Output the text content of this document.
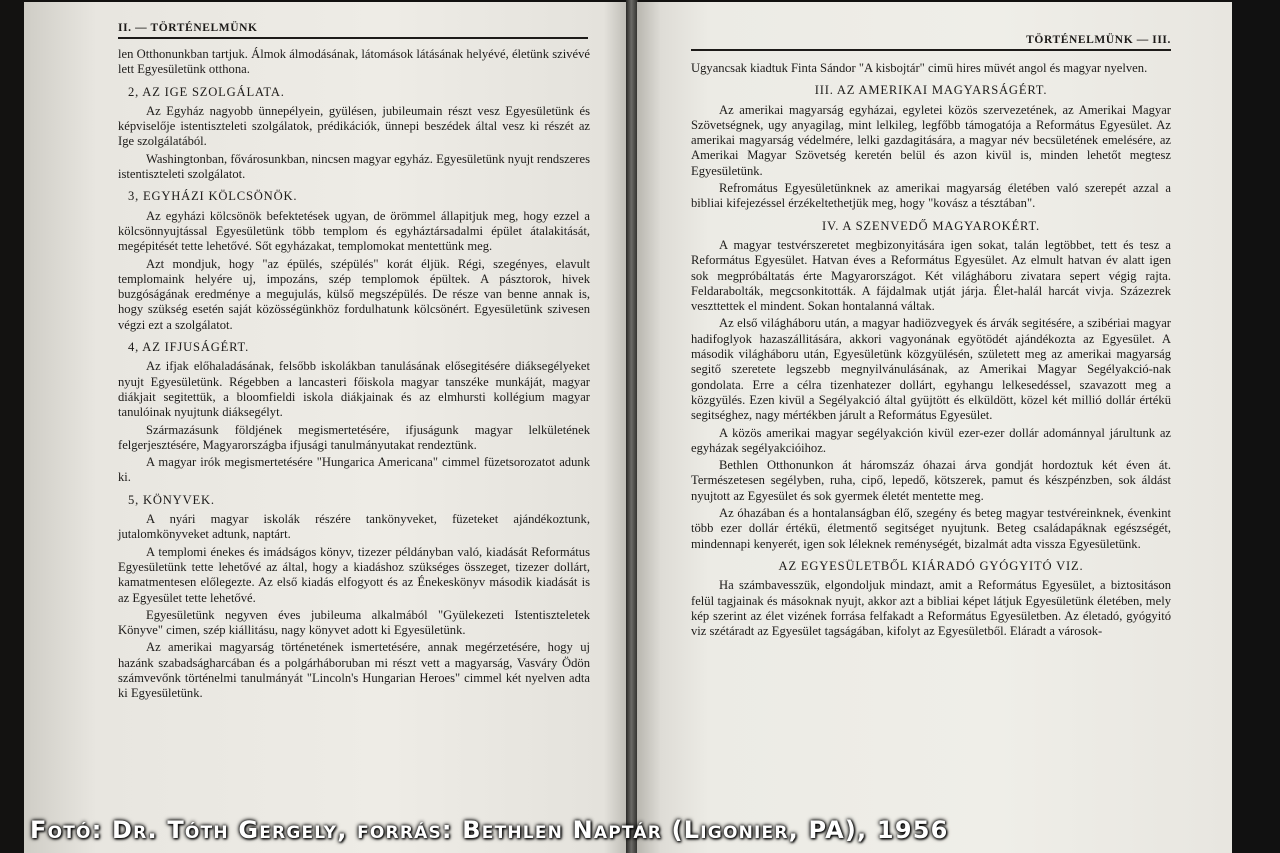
II. — TÖRTÉNELMÜNK

len Otthonunkban tartjuk. Álmok álmodásának, látomások látásának helyévé, életünk szivévé lett Egyesületünk otthona.

2, AZ IGE SZOLGÁLATA.

Az Egyház nagyobb ünnepélyein, gyülésen, jubileumain részt vesz Egyesületünk és képviselője istentiszteleti szolgálatok, prédikációk, ünnepi beszédek által vesz ki részét az Ige szolgálatából.

Washingtonban, fővárosunkban, nincsen magyar egyház. Egyesületünk nyujt rendszeres istentiszteleti szolgálatot.

3, EGYHÁZI KÖLCSÖNÖK.

Az egyházi kölcsönök befektetések ugyan, de örömmel állapitjuk meg, hogy ezzel a kölcsönnyujtással Egyesületünk több templom és egyháztársadalmi épület átalakitását, megépitését tette lehetővé. Sőt egyházakat, templomokat mentettünk meg.

Azt mondjuk, hogy "az épülés, szépülés" korát éljük. Régi, szegényes, elavult templomaink helyére uj, impozáns, szép templomok épültek. A pásztorok, hivek buzgóságának eredménye a megujulás, külső megszépülés. De része van benne annak is, hogy szükség esetén saját közösségünkhöz fordulhatunk kölcsönért. Egyesületünk szivesen végzi ezt a szolgálatot.

4, AZ IFJUSÁGÉRT.

Az ifjak előhaladásának, felsőbb iskolákban tanulásának elősegitésére diáksegélyeket nyujt Egyesületünk. Régebben a lancasteri főiskola magyar tanszéke munkáját, magyar diákjait segitettük, a bloomfieldi iskola diákjainak és az elmhursti kollégium magyar tanulóinak nyujtunk diáksegélyt.

Származásunk földjének megismertetésére, ifjuságunk magyar lelkületének felgerjesztésére, Magyarországba ifjusági tanulmányutakat rendeztünk.

A magyar irók megismertetésére "Hungarica Americana" cimmel füzetsorozatot adunk ki.

5, KÖNYVEK.

A nyári magyar iskolák részére tankönyveket, füzeteket ajándékoztunk, jutalomkönyveket adtunk, naptárt.

A templomi énekes és imádságos könyv, tizezer példányban való, kiadását Református Egyesületünk tette lehetővé az által, hogy a kiadáshoz szükséges összeget, tizezer dollárt, kamatmentesen előlegezte. Az első kiadás elfogyott és az Énekeskönyv második kiadását is az Egyesület tette lehetővé.

Egyesületünk negyven éves jubileuma alkalmából "Gyülekezeti Istentiszteletek Könyve" cimen, szép kiállitásu, nagy könyvet adott ki Egyesületünk.

Az amerikai magyarság történetének ismertetésére, annak megérzetésére, hogy uj hazánk szabadságharcában és a polgárháboruban mi részt vett a magyarság, Vasváry Ödön számvevőnk történelmi tanulmányát "Lincoln's Hungarian Heroes" cimmel két nyelven adta ki Egyesületünk.

TÖRTÉNELMÜNK — III.

Ugyancsak kiadtuk Finta Sándor "A kisbojtár" cimü hires müvét angol és magyar nyelven.

III. AZ AMERIKAI MAGYARSÁGÉRT.

Az amerikai magyarság egyházai, egyletei közös szervezetének, az Amerikai Magyar Szövetségnek, ugy anyagilag, mint lelkileg, legfőbb támogatója a Református Egyesület. Az amerikai magyarság védelmére, lelki gazdagitására, a magyar név becsületének emelésére, az Amerikai Magyar Szövetség keretén belül és azon kivül is, minden lehetőt megtesz Egyesületünk.

Refromátus Egyesületünknek az amerikai magyarság életében való szerepét azzal a bibliai kifejezéssel érzékeltethetjük meg, hogy "kovász a tésztában".

IV. A SZENVEDŐ MAGYAROKÉRT.

A magyar testvérszeretet megbizonyitására igen sokat, talán legtöbbet, tett és tesz a Református Egyesület. Hatvan éves a Református Egyesület. Az elmult hatvan év alatt igen sok megpróbáltatás érte Magyarországot. Két világháboru zivatara sepert végig rajta. Feldarabolták, megcsonkitották. A fájdalmak utját járja. Élet-halál harcát vivja. Százezrek veszttettek el mindent. Sokan hontalanná váltak.

Az első világháboru után, a magyar hadiözvegyek és árvák segitésére, a szibériai magyar hadifoglyok hazaszállitására, akkori vagyonának egyötödét ajándékozta az Egyesület. A második világháboru után, Egyesületünk közgyülésén, született meg az amerikai magyarság segitő szeretete legszebb megnyilvánulásának, az Amerikai Magyar Segélyakció-nak gondolata. Erre a célra tizenhatezer dollárt, egyhangu lelkesedéssel, szavazott meg a közgyülés. Ezen kivül a Segélyakció által gyüjtött és elküldött, közel két millió dollár értékü segitséghez, nagy mértékben járult a Református Egyesület.

A közös amerikai magyar segélyakción kivül ezer-ezer dollár adománnyal járultunk az egyházak segélyakcióihoz.

Bethlen Otthonunkon át háromszáz óhazai árva gondját hordoztuk két éven át. Természetesen segélyben, ruha, cipő, lepedő, kötszerek, pamut és készpénzben, sok áldást nyujtott az Egyesület és sok gyermek életét mentette meg.

Az óhazában és a hontalanságban élő, szegény és beteg magyar testvéreinknek, évenkint több ezer dollár értékü, életmentő segitséget nyujtunk. Beteg családapáknak egészségét, mindennapi kenyerét, igen sok léleknek reménységét, bizalmát adta vissza Egyesületünk.

AZ EGYESÜLETBŐL KIÁRADÓ GYÓGYITÓ VIZ.

Ha számbavesszük, elgondoljuk mindazt, amit a Református Egyesület, a biztositáson felül tagjainak és másoknak nyujt, akkor azt a bibliai képet látjuk Egyesületünk életében, mely kép szerint az élet vizének forrása felfakadt a Református Egyesületben. Az életadó, gyógyitó viz szétáradt az Egyesület tagságában, kifolyt az Egyesületből. Eláradt a városok-

Fotó: Dr. Tóth Gergely, forrás: Bethlen Naptár (Ligonier, PA), 1956
